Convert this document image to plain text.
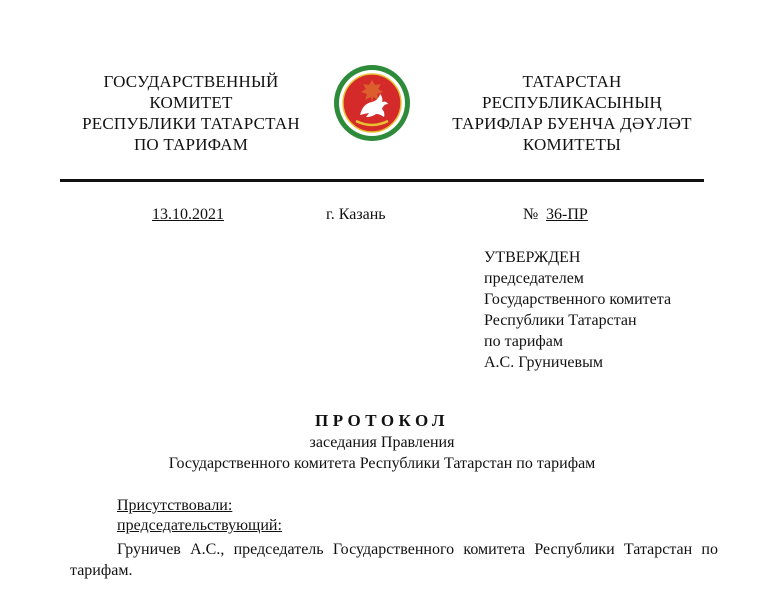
ГОСУДАРСТВЕННЫЙ
КОМИТЕТ
РЕСПУБЛИКИ ТАТАРСТАН
ПО ТАРИФАМ
ТАТАРСТАН
РЕСПУБЛИКАСЫНЫҢ
ТАРИФЛАР БУЕНЧА ДӘҮЛӘТ
КОМИТЕТЫ
13.10.2021	г. Казань	№ 36-ПР
УТВЕРЖДЕН
председателем
Государственного комитета
Республики Татарстан
по тарифам
А.С. Груничевым
ПРОТОКОЛ
заседания Правления
Государственного комитета Республики Татарстан по тарифам
Присутствовали:
председательствующий:
Груничев А.С., председатель Государственного комитета Республики Татарстан по тарифам.
